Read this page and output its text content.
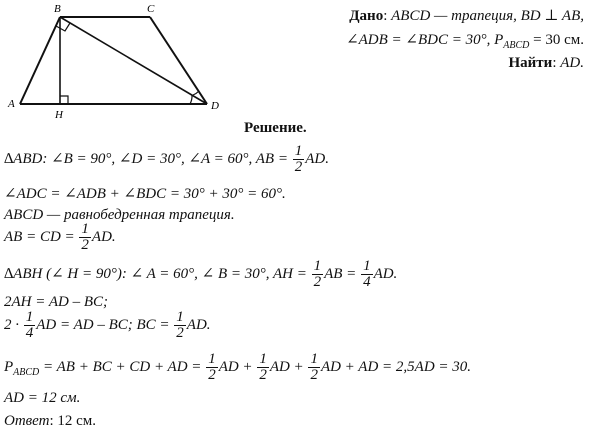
B	C
A
H
D
Дано: ABCD — трапеция, BD ⊥ AB,
∠ADB = ∠BDC = 30°, $P_{ABCD} = 30$ см.
Найти: AD.
Решение.
∆ABD: ∠B = 90°, ∠D = 30°, ∠A = 60°, AB = $\frac{1}{2}$ AD.
∠ADC = ∠ADB + ∠BDC = 30° + 30° = 60°.
ABCD — равнобедренная трапеция.
AB = CD = $\frac{1}{2}$ AD.
∆ABH (∠ H = 90°): ∠ A = 60°, ∠ B = 30°, AH = $\frac{1}{2}$ AB = $\frac{1}{4}$ AD.
2AH = AD – BC;
$2 \cdot \frac{1}{4}$ AD = AD – BC; BC = $\frac{1}{2}$ AD.
$P_{ABCD}$ = AB + BC + CD + AD = $\frac{1}{2}$ AD + $\frac{1}{2}$ AD + $\frac{1}{2}$ AD + AD = 2,5AD = 30.
AD = 12 см.
Ответ: 12 см.
